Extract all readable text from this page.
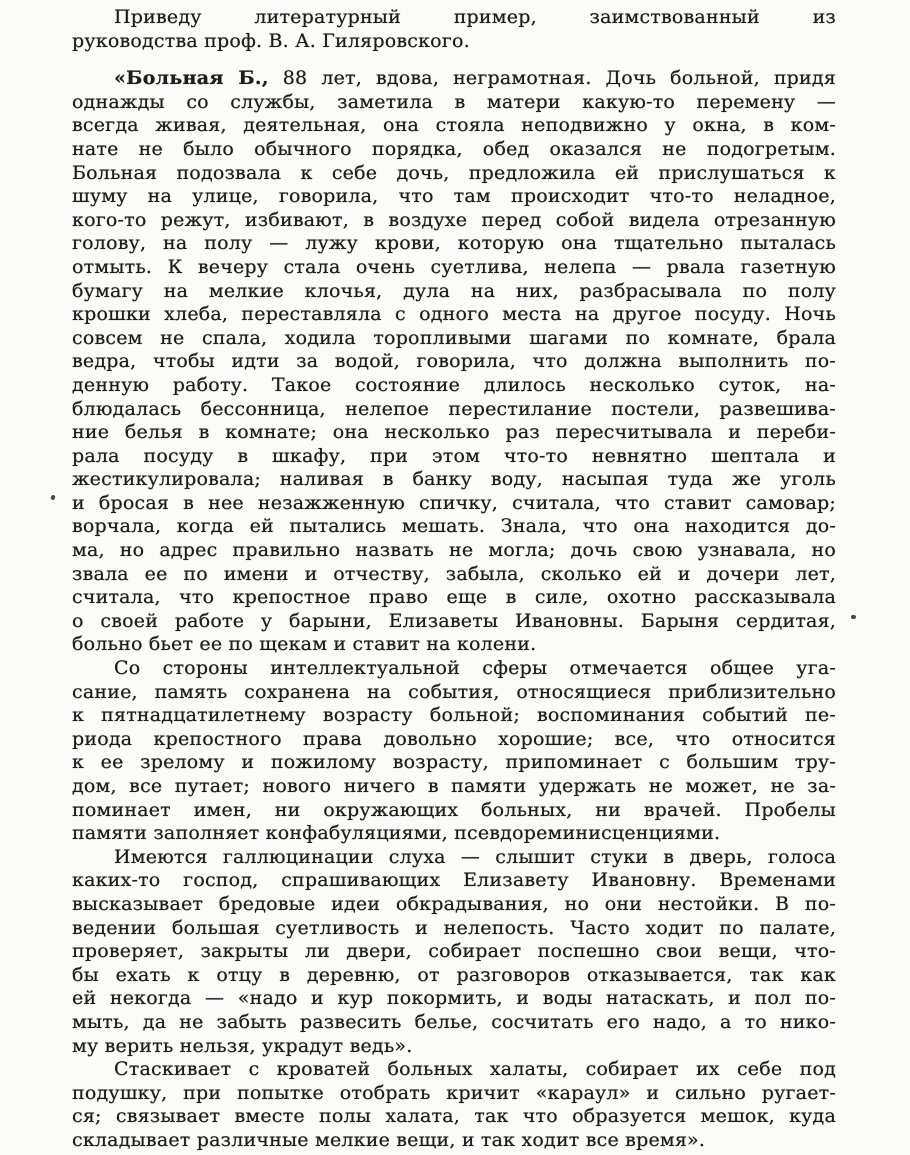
Приведу литературный пример, заимствованный из
руководства проф. В. А. Гиляровского.
«Больная Б., 88 лет, вдова, неграмотная. Дочь больной, придя
однажды со службы, заметила в матери какую-то перемену —
всегда живая, деятельная, она стояла неподвижно у окна, в ком-
нате не было обычного порядка, обед оказался не подогретым.
Больная подозвала к себе дочь, предложила ей прислушаться к
шуму на улице, говорила, что там происходит что-то неладное,
кого-то режут, избивают, в воздухе перед собой видела отрезанную
голову, на полу — лужу крови, которую она тщательно пыталась
отмыть. К вечеру стала очень суетлива, нелепа — рвала газетную
бумагу на мелкие клочья, дула на них, разбрасывала по полу
крошки хлеба, переставляла с одного места на другое посуду. Ночь
совсем не спала, ходила торопливыми шагами по комнате, брала
ведра, чтобы идти за водой, говорила, что должна выполнить по-
денную работу. Такое состояние длилось несколько суток, на-
блюдалась бессонница, нелепое перестилание постели, развешива-
ние белья в комнате; она несколько раз пересчитывала и переби-
рала посуду в шкафу, при этом что-то невнятно шептала и
жестикулировала; наливая в банку воду, насыпая туда же уголь
и бросая в нее незажженную спичку, считала, что ставит самовар;
ворчала, когда ей пытались мешать. Знала, что она находится до-
ма, но адрес правильно назвать не могла; дочь свою узнавала, но
звала ее по имени и отчеству, забыла, сколько ей и дочери лет,
считала, что крепостное право еще в силе, охотно рассказывала
о своей работе у барыни, Елизаветы Ивановны. Барыня сердитая,
больно бьет ее по щекам и ставит на колени.
Со стороны интеллектуальной сферы отмечается общее уга-
сание, память сохранена на события, относящиеся приблизительно
к пятнадцатилетнему возрасту больной; воспоминания событий пе-
риода крепостного права довольно хорошие; все, что относится
к ее зрелому и пожилому возрасту, припоминает с большим тру-
дом, все путает; нового ничего в памяти удержать не может, не за-
поминает имен, ни окружающих больных, ни врачей. Пробелы
памяти заполняет конфабуляциями, псевдореминисценциями.
Имеются галлюцинации слуха — слышит стуки в дверь, голоса
каких-то господ, спрашивающих Елизавету Ивановну. Временами
высказывает бредовые идеи обкрадывания, но они нестойки. В по-
ведении большая суетливость и нелепость. Часто ходит по палате,
проверяет, закрыты ли двери, собирает поспешно свои вещи, что-
бы ехать к отцу в деревню, от разговоров отказывается, так как
ей некогда — «надо и кур покормить, и воды натаскать, и пол по-
мыть, да не забыть развесить белье, сосчитать его надо, а то нико-
му верить нельзя, украдут ведь».
Стаскивает с кроватей больных халаты, собирает их себе под
подушку, при попытке отобрать кричит «караул» и сильно ругает-
ся; связывает вместе полы халата, так что образуется мешок, куда
складывает различные мелкие вещи, и так ходит все время».
